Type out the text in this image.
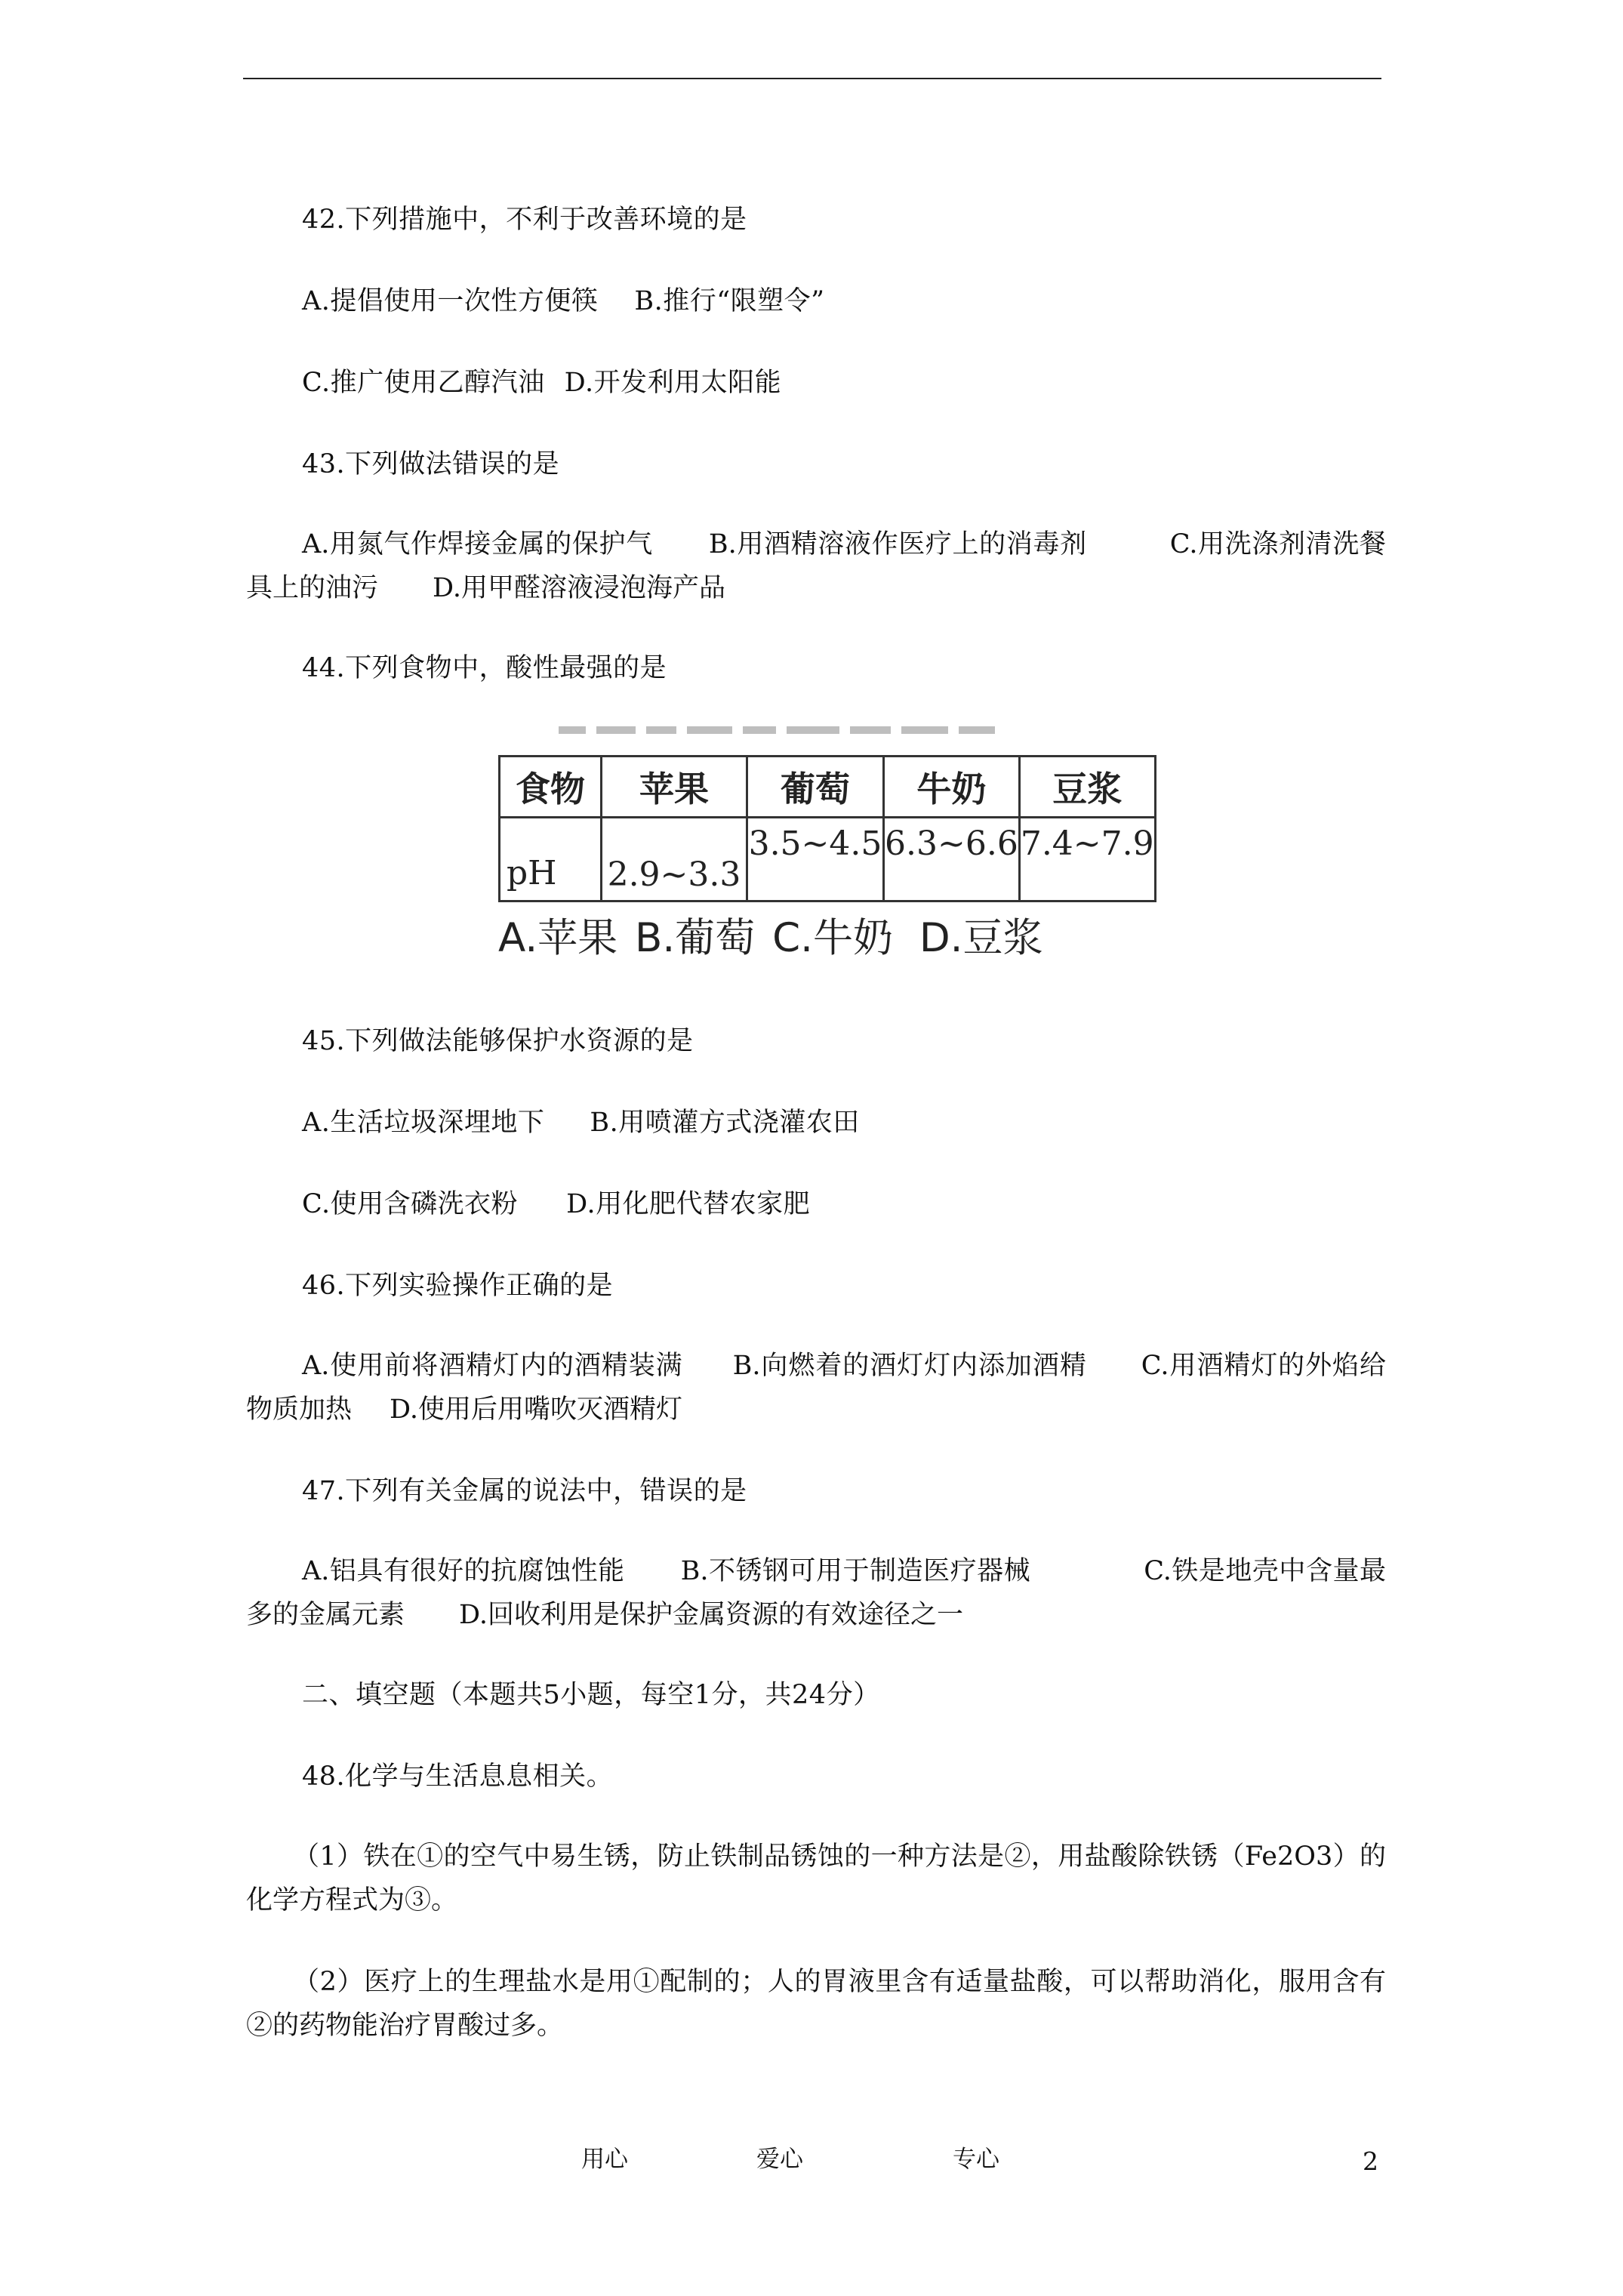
42.下列措施中，不利于改善环境的是
A.提倡使用一次性方便筷 B.推行“限塑令”
C.推广使用乙醇汽油 D.开发利用太阳能
43.下列做法错误的是
A.用氮气作焊接金属的保护气 B.用酒精溶液作医疗上的消毒剂	C.用洗涤剂清洗餐具上的油污 D.用甲醛溶液浸泡海产品
44.下列食物中，酸性最强的是
食物	苹果	葡萄	牛奶	豆浆
pH	2.9~3.3	3.5~4.5	6.3~6.6	7.4~7.9
A.苹果 B.葡萄 C.牛奶 D.豆浆
45.下列做法能够保护水资源的是
A.生活垃圾深埋地下 B.用喷灌方式浇灌农田
C.使用含磷洗衣粉 D.用化肥代替农家肥
46.下列实验操作正确的是
A.使用前将酒精灯内的酒精装满 B.向燃着的酒灯灯内添加酒精 C.用酒精灯的外焰给物质加热 D.使用后用嘴吹灭酒精灯
47.下列有关金属的说法中，错误的是
A.铝具有很好的抗腐蚀性能 B.不锈钢可用于制造医疗器械	C.铁是地壳中含量最多的金属元素 D.回收利用是保护金属资源的有效途径之一
二、填空题（本题共5小题，每空1分，共24分）
48.化学与生活息息相关。
（1）铁在①的空气中易生锈，防止铁制品锈蚀的一种方法是②，用盐酸除铁锈（Fe2O3）的化学方程式为③。
（2）医疗上的生理盐水是用①配制的；人的胃液里含有适量盐酸，可以帮助消化，服用含有②的药物能治疗胃酸过多。
用心	爱心	专心	2
